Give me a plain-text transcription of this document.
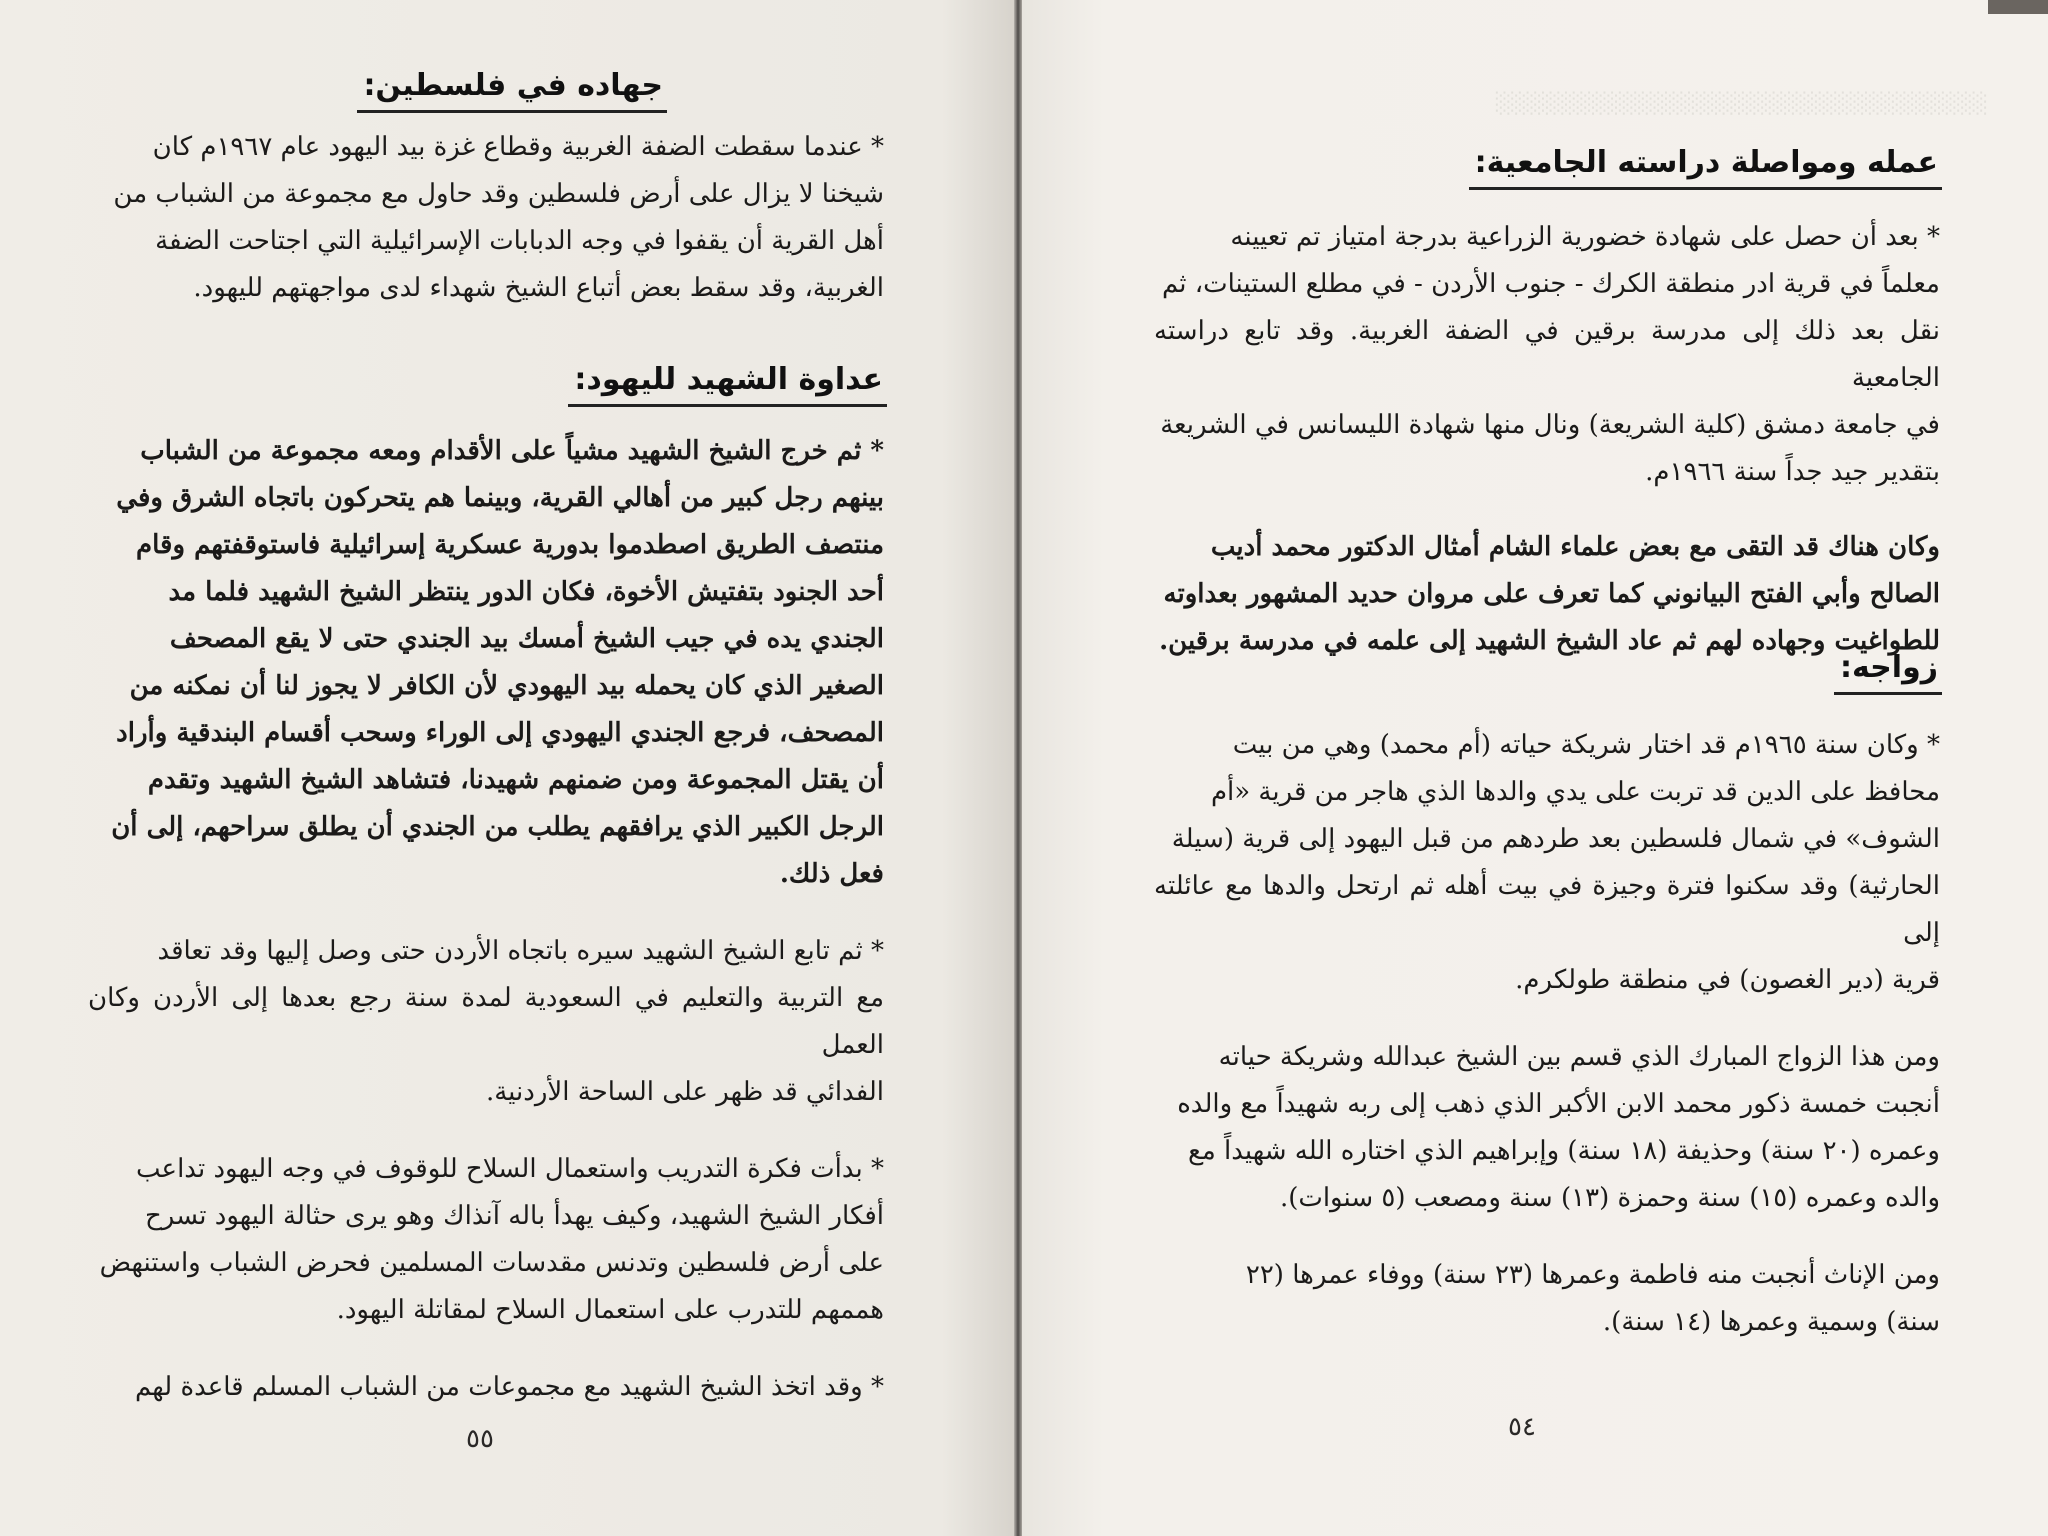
جهاده في فلسطين:
* عندما سقطت الضفة الغربية وقطاع غزة بيد اليهود عام ١٩٦٧م كان
شيخنا لا يزال على أرض فلسطين وقد حاول مع مجموعة من الشباب من
أهل القرية أن يقفوا في وجه الدبابات الإسرائيلية التي اجتاحت الضفة
الغربية، وقد سقط بعض أتباع الشيخ شهداء لدى مواجهتهم لليهود.
عداوة الشهيد لليهود:
* ثم خرج الشيخ الشهيد مشياً على الأقدام ومعه مجموعة من الشباب
بينهم رجل كبير من أهالي القرية، وبينما هم يتحركون باتجاه الشرق وفي
منتصف الطريق اصطدموا بدورية عسكرية إسرائيلية فاستوقفتهم وقام
أحد الجنود بتفتيش الأخوة، فكان الدور ينتظر الشيخ الشهيد فلما مد
الجندي يده في جيب الشيخ أمسك بيد الجندي حتى لا يقع المصحف
الصغير الذي كان يحمله بيد اليهودي لأن الكافر لا يجوز لنا أن نمكنه من
المصحف، فرجع الجندي اليهودي إلى الوراء وسحب أقسام البندقية وأراد
أن يقتل المجموعة ومن ضمنهم شهيدنا، فتشاهد الشيخ الشهيد وتقدم
الرجل الكبير الذي يرافقهم يطلب من الجندي أن يطلق سراحهم، إلى أن
فعل ذلك.
* ثم تابع الشيخ الشهيد سيره باتجاه الأردن حتى وصل إليها وقد تعاقد
مع التربية والتعليم في السعودية لمدة سنة رجع بعدها إلى الأردن وكان العمل
الفدائي قد ظهر على الساحة الأردنية.
* بدأت فكرة التدريب واستعمال السلاح للوقوف في وجه اليهود تداعب
أفكار الشيخ الشهيد، وكيف يهدأ باله آنذاك وهو يرى حثالة اليهود تسرح
على أرض فلسطين وتدنس مقدسات المسلمين فحرض الشباب واستنهض
هممهم للتدرب على استعمال السلاح لمقاتلة اليهود.
* وقد اتخذ الشيخ الشهيد مع مجموعات من الشباب المسلم قاعدة لهم
٥٥
░░░░░░░░░░░░░░░░░░░░░░░░░░░░░░░░
عمله ومواصلة دراسته الجامعية:
* بعد أن حصل على شهادة خضورية الزراعية بدرجة امتياز تم تعيينه
معلماً في قرية ادر منطقة الكرك - جنوب الأردن - في مطلع الستينات، ثم
نقل بعد ذلك إلى مدرسة برقين في الضفة الغربية. وقد تابع دراسته الجامعية
في جامعة دمشق (كلية الشريعة) ونال منها شهادة الليسانس في الشريعة
بتقدير جيد جداً سنة ١٩٦٦م.
وكان هناك قد التقى مع بعض علماء الشام أمثال الدكتور محمد أديب
الصالح وأبي الفتح البيانوني كما تعرف على مروان حديد المشهور بعداوته
للطواغيت وجهاده لهم ثم عاد الشيخ الشهيد إلى علمه في مدرسة برقين.
زواجه:
* وكان سنة ١٩٦٥م قد اختار شريكة حياته (أم محمد) وهي من بيت
محافظ على الدين قد تربت على يدي والدها الذي هاجر من قرية «أم
الشوف» في شمال فلسطين بعد طردهم من قبل اليهود إلى قرية (سيلة
الحارثية) وقد سكنوا فترة وجيزة في بيت أهله ثم ارتحل والدها مع عائلته إلى
قرية (دير الغصون) في منطقة طولكرم.
ومن هذا الزواج المبارك الذي قسم بين الشيخ عبدالله وشريكة حياته
أنجبت خمسة ذكور محمد الابن الأكبر الذي ذهب إلى ربه شهيداً مع والده
وعمره (٢٠ سنة) وحذيفة (١٨ سنة) وإبراهيم الذي اختاره الله شهيداً مع
والده وعمره (١٥) سنة وحمزة (١٣) سنة ومصعب (٥ سنوات).
ومن الإناث أنجبت منه فاطمة وعمرها (٢٣ سنة) ووفاء عمرها (٢٢
سنة) وسمية وعمرها (١٤ سنة).
٥٤
